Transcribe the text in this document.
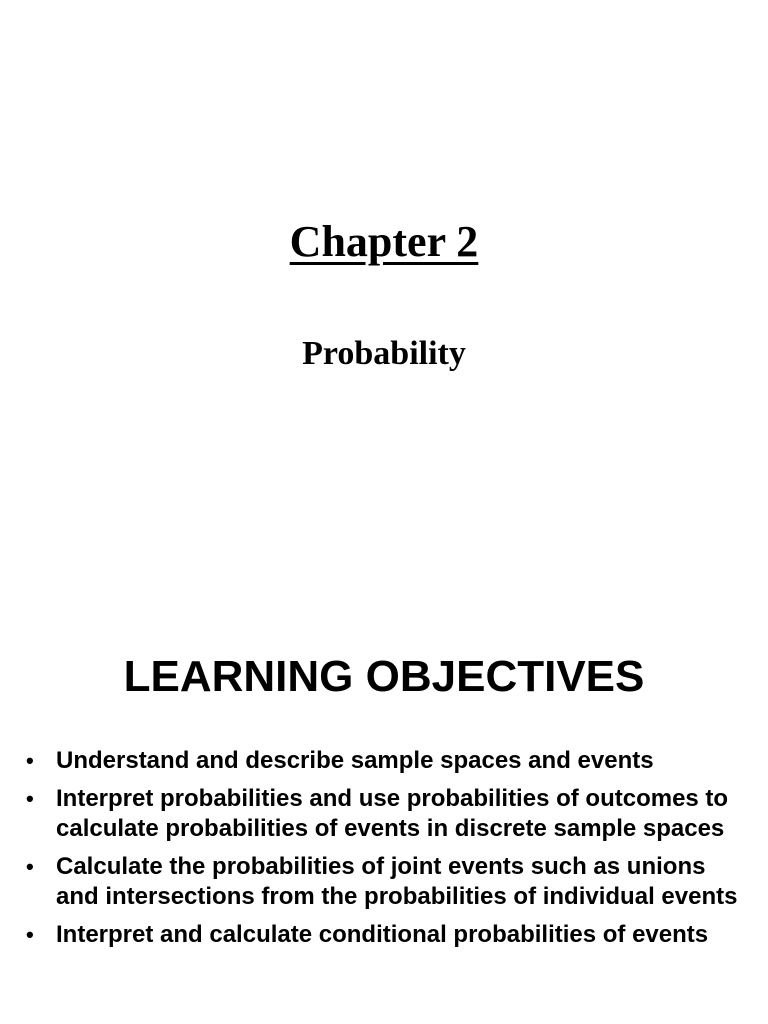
Chapter 2
Probability
LEARNING OBJECTIVES
• Understand and describe sample spaces and events
• Interpret probabilities and use probabilities of outcomes to calculate probabilities of events in discrete sample spaces
• Calculate the probabilities of joint events such as unions and intersections from the probabilities of individual events
• Interpret and calculate conditional probabilities of events
